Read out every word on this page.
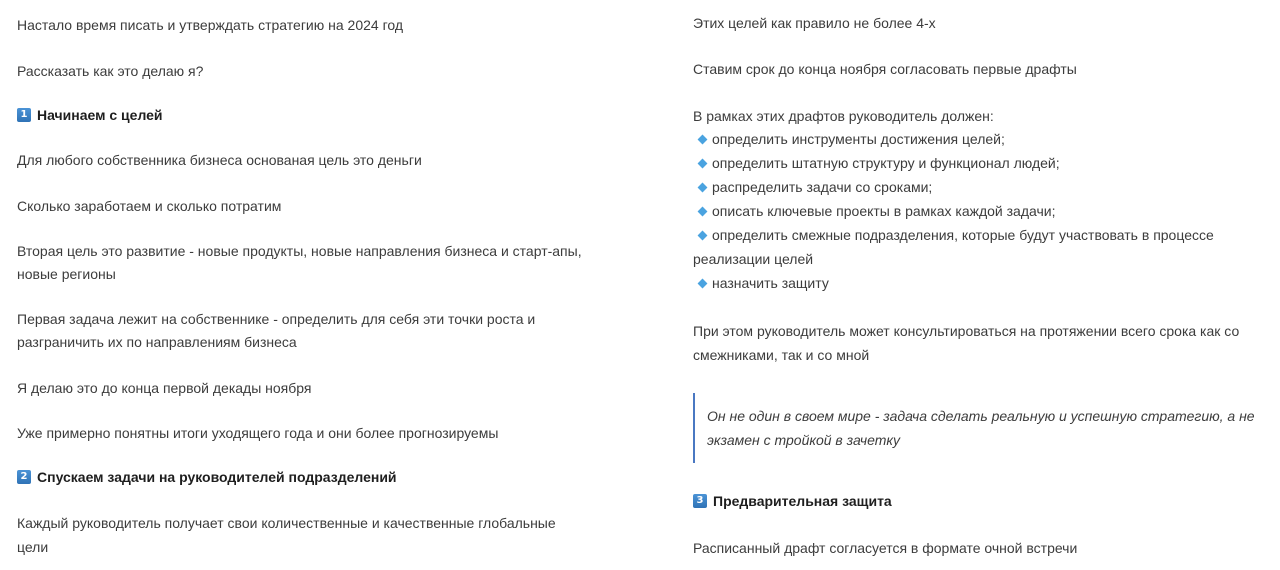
Настало время писать и утверждать стратегию на 2024 год

Рассказать как это делаю я?

1 Начинаем с целей

Для любого собственника бизнеса основаная цель это деньги

Сколько заработаем и сколько потратим

Вторая цель это развитие - новые продукты, новые направления бизнеса и старт-апы,

новые регионы

Первая задача лежит на собственнике - определить для себя эти точки роста и

разграничить их по направлениям бизнеса

Я делаю это до конца первой декады ноября

Уже примерно понятны итоги уходящего года и они более прогнозируемы

2 Спускаем задачи на руководителей подразделений

Каждый руководитель получает свои количественные и качественные глобальные

цели

Этих целей как правило не более 4-х

Ставим срок до конца ноября согласовать первые драфты

В рамках этих драфтов руководитель должен:

определить инструменты достижения целей;
определить штатную структуру и функционал людей;
распределить задачи со сроками;
описать ключевые проекты в рамках каждой задачи;
определить смежные подразделения, которые будут участвовать в процессе
реализации целей
назначить защиту

При этом руководитель может консультироваться на протяжении всего срока как со

смежниками, так и со мной

Он не один в своем мире - задача сделать реальную и успешную стратегию, а не
экзамен с тройкой в зачетку

3 Предварительная защита

Расписанный драфт согласуется в формате очной встречи
